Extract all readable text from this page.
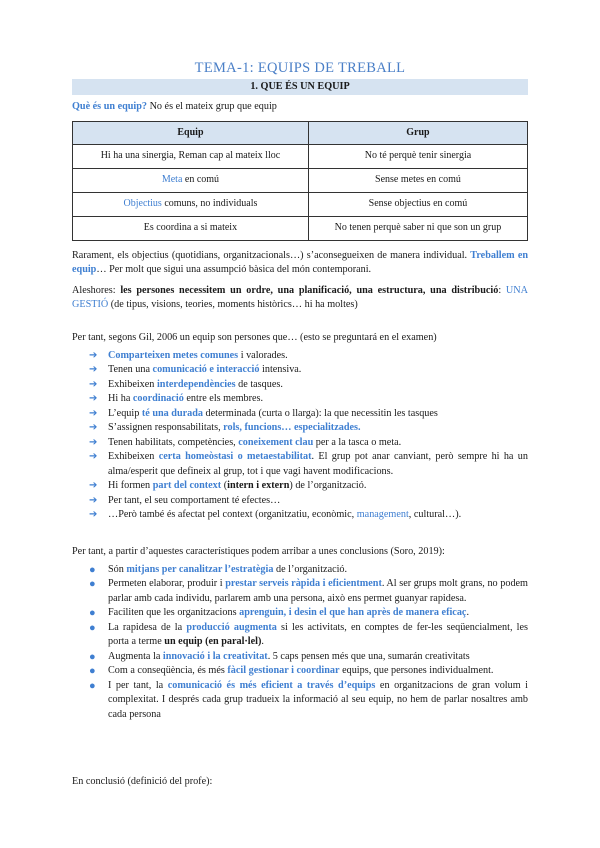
TEMA-1: EQUIPS DE TREBALL
1. QUE ÉS UN EQUIP
Què és un equip? No és el mateix grup que equip
Equip	Grup
Hi ha una sinergia, Reman cap al mateix lloc	No té perquè tenir sinergia
Meta en comú	Sense metes en comú
Objectius comuns, no individuals	Sense objectius en comú
Es coordina a si mateix	No tenen perquè saber ni que son un grup
Rarament, els objectius (quotidians, organitzacionals…) s’aconsegueixen de manera individual. Treballem en equip… Per molt que sigui una assumpció bàsica del món contemporani.
Aleshores: les persones necessitem un ordre, una planificació, una estructura, una distribució: UNA GESTIÓ (de tipus, visions, teories, moments històrics… hi ha moltes)
Per tant, segons Gil, 2006 un equip son persones que… (esto se preguntará en el examen)
➔ Comparteixen metes comunes i valorades.
➔ Tenen una comunicació e interacció intensiva.
➔ Exhibeixen interdependències de tasques.
➔ Hi ha coordinació entre els membres.
➔ L’equip té una durada determinada (curta o llarga): la que necessitin les tasques
➔ S’assignen responsabilitats, rols, funcions… especialitzades.
➔ Tenen habilitats, competències, coneixement clau per a la tasca o meta.
➔ Exhibeixen certa homeòstasi o metaestabilitat. El grup pot anar canviant, però sempre hi ha un alma/esperit que defineix al grup, tot i que vagi havent modificacions.
➔ Hi formen part del context (intern i extern) de l’organització.
➔ Per tant, el seu comportament té efectes…
➔ …Però també és afectat pel context (organitzatiu, econòmic, management, cultural…).
Per tant, a partir d’aquestes característiques podem arribar a unes conclusions (Soro, 2019):
● Són mitjans per canalitzar l’estratègia de l’organització.
● Permeten elaborar, produir i prestar serveis ràpida i eficientment. Al ser grups molt grans, no podem parlar amb cada individu, parlarem amb una persona, això ens permet guanyar rapidesa.
● Faciliten que les organitzacions aprenguin, i desin el que han après de manera eficaç.
● La rapidesa de la producció augmenta si les activitats, en comptes de fer-les seqüencialment, les porta a terme un equip (en paral·lel).
● Augmenta la innovació i la creativitat. 5 caps pensen més que una, sumarán creativitats
● Com a conseqüència, és més fàcil gestionar i coordinar equips, que persones individualment.
● I per tant, la comunicació és més eficient a través d’equips en organitzacions de gran volum i complexitat. I després cada grup tradueix la informació al seu equip, no hem de parlar nosaltres amb cada persona
En conclusió (definició del profe):
